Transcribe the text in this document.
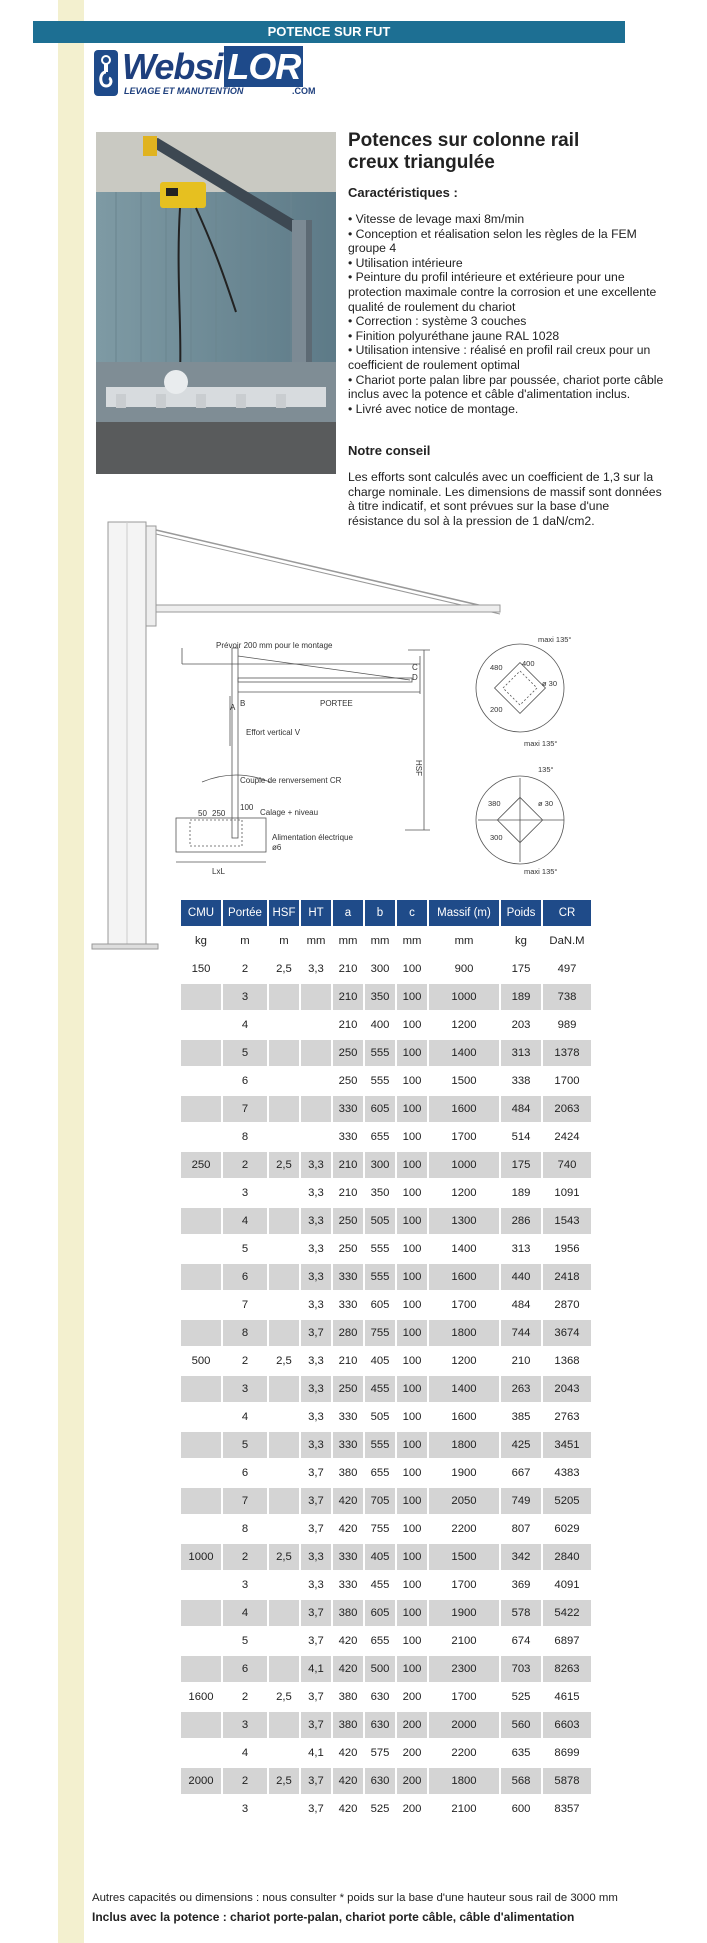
POTENCE SUR FUT
Websi LOR
LEVAGE ET MANUTENTION	.COM
Potences sur colonne rail
creux triangulée
Caractéristiques :
• Vitesse de levage maxi 8m/min
• Conception et réalisation selon les règles de la FEM groupe 4
• Utilisation intérieure
• Peinture du profil intérieure et extérieure pour une protection maximale contre la corrosion et une excellente qualité de roulement du chariot
• Correction : système 3 couches
• Finition polyuréthane jaune RAL 1028
• Utilisation intensive : réalisé en profil rail creux pour un coefficient de roulement optimal
• Chariot porte palan libre par poussée, chariot porte câble inclus avec la potence et câble d'alimentation inclus.
• Livré avec notice de montage.
Notre conseil
Les efforts sont calculés avec un coefficient de 1,3 sur la charge nominale. Les dimensions de massif sont données à titre indicatif, et sont prévues sur la base d'une résistance du sol à la pression de 1 daN/cm2.
Prévoir 200 mm pour le montage
PORTEE
HSF
Effort vertical V
Couple de renversement CR
Calage + niveau
Alimentation électrique
LxL
A B
C
D
ø6
100
50 250
maxi 135°
maxi 135°
135°
maxi 135°
ø 30
ø 30
480	400
200
380
300
CMU	Portée	HSF	HT	a	b	c	Massif (m)	Poids	CR
kg	m	m	mm	mm	mm	mm	mm	kg	DaN.M
150	2	2,5	3,3	210	300	100	900	175	497
	3			210	350	100	1000	189	738
	4			210	400	100	1200	203	989
	5			250	555	100	1400	313	1378
	6			250	555	100	1500	338	1700
	7			330	605	100	1600	484	2063
	8			330	655	100	1700	514	2424
250	2	2,5	3,3	210	300	100	1000	175	740
	3		3,3	210	350	100	1200	189	1091
	4		3,3	250	505	100	1300	286	1543
	5		3,3	250	555	100	1400	313	1956
	6		3,3	330	555	100	1600	440	2418
	7		3,3	330	605	100	1700	484	2870
	8		3,7	280	755	100	1800	744	3674
500	2	2,5	3,3	210	405	100	1200	210	1368
	3		3,3	250	455	100	1400	263	2043
	4		3,3	330	505	100	1600	385	2763
	5		3,3	330	555	100	1800	425	3451
	6		3,7	380	655	100	1900	667	4383
	7		3,7	420	705	100	2050	749	5205
	8		3,7	420	755	100	2200	807	6029
1000	2	2,5	3,3	330	405	100	1500	342	2840
	3		3,3	330	455	100	1700	369	4091
	4		3,7	380	605	100	1900	578	5422
	5		3,7	420	655	100	2100	674	6897
	6		4,1	420	500	100	2300	703	8263
1600	2	2,5	3,7	380	630	200	1700	525	4615
	3		3,7	380	630	200	2000	560	6603
	4		4,1	420	575	200	2200	635	8699
2000	2	2,5	3,7	420	630	200	1800	568	5878
	3		3,7	420	525	200	2100	600	8357
Autres capacités ou dimensions : nous consulter * poids sur la base d'une hauteur sous rail de 3000 mm
Inclus avec la potence : chariot porte-palan, chariot porte câble, câble d'alimentation
